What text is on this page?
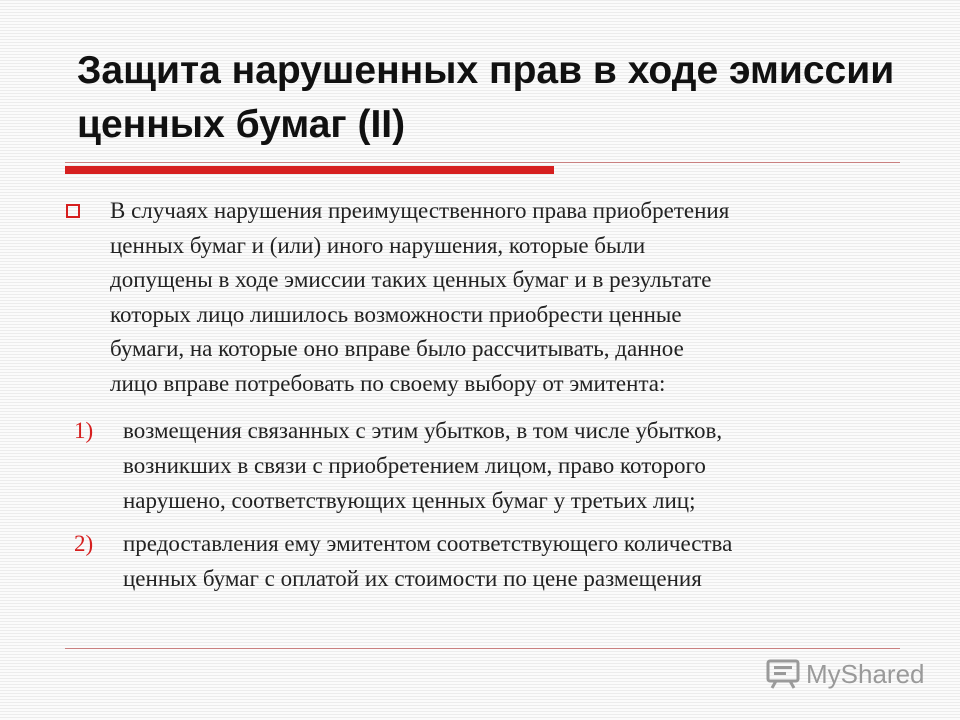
Защита нарушенных прав в ходе эмиссии
ценных бумаг (II)
В случаях нарушения преимущественного права приобретения
ценных бумаг и (или) иного нарушения, которые были
допущены в ходе эмиссии таких ценных бумаг и в результате
которых лицо лишилось возможности приобрести ценные
бумаги, на которые оно вправе было рассчитывать, данное
лицо вправе потребовать по своему выбору от эмитента:
1) возмещения связанных с этим убытков, в том числе убытков,
возникших в связи с приобретением лицом, право которого
нарушено, соответствующих ценных бумаг у третьих лиц;
2) предоставления ему эмитентом соответствующего количества
ценных бумаг с оплатой их стоимости по цене размещения
MyShared
